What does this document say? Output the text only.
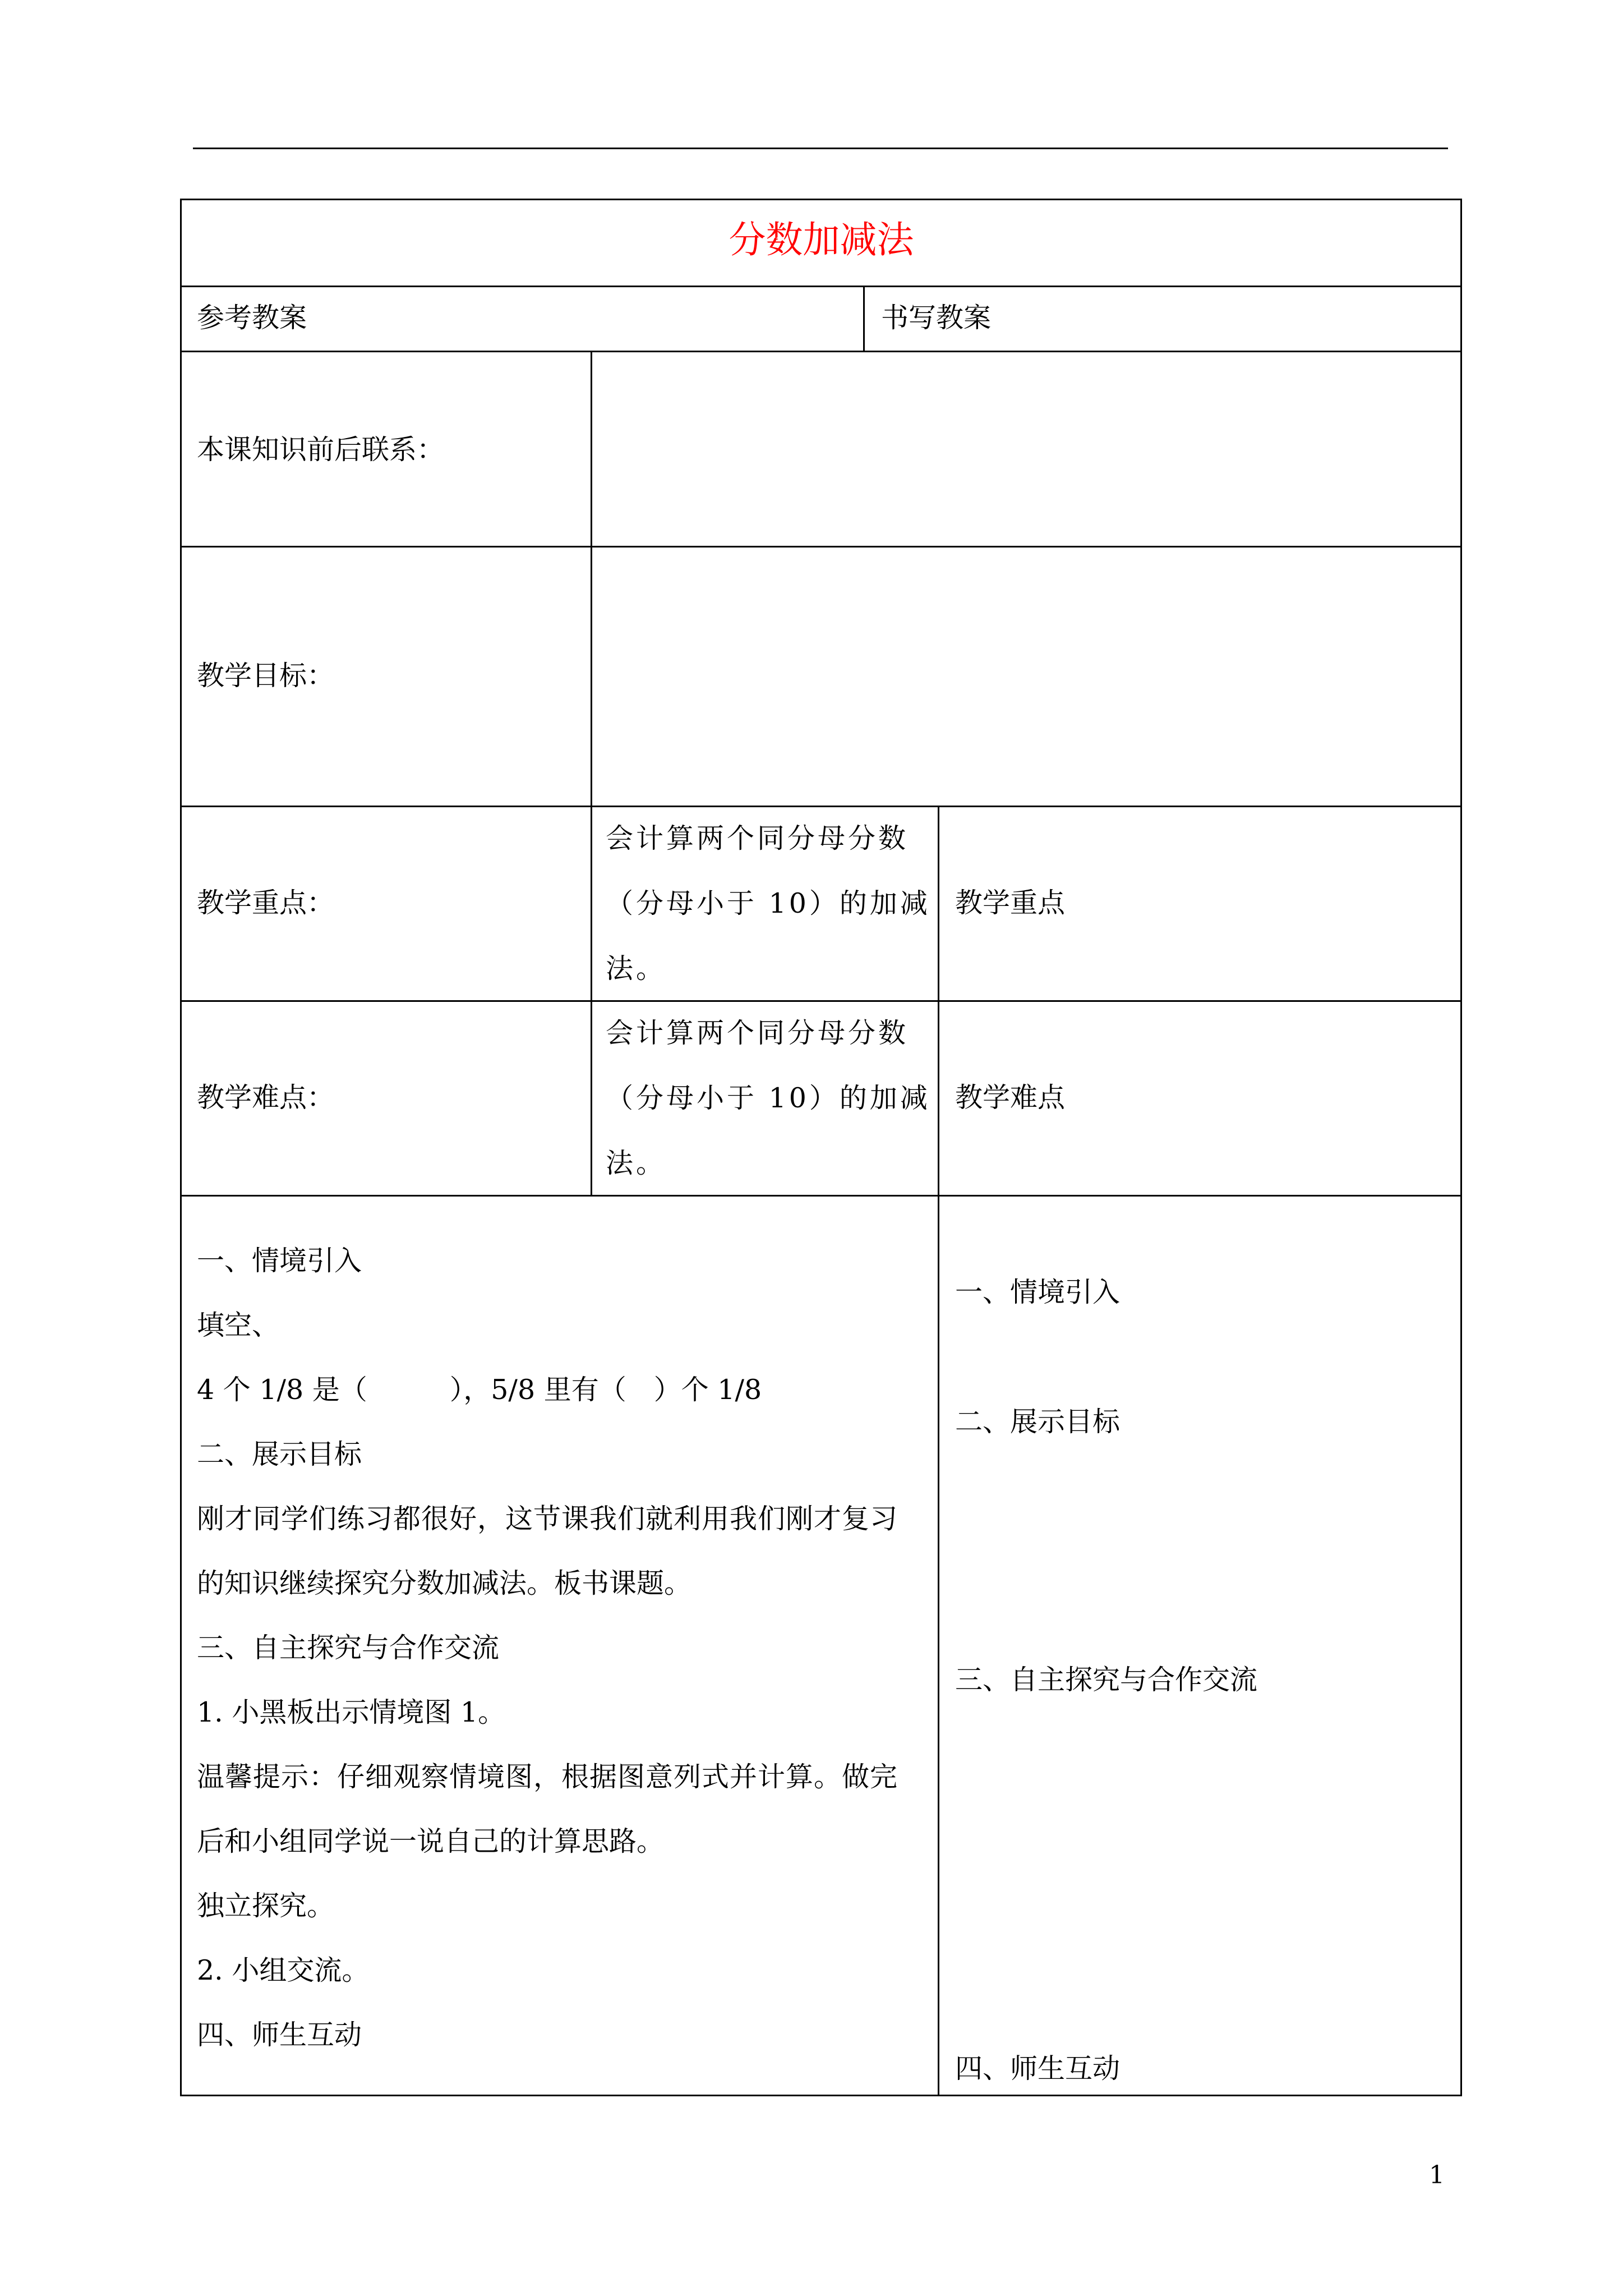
分数加减法
参考教案	书写教案
本课知识前后联系：
教学目标：
教学重点：
会计算两个同分母分数
（分母小于 10）的加减
法。
教学重点
教学难点：
会计算两个同分母分数
（分母小于 10）的加减
法。
教学难点
一、情境引入
填空、
4 个 1/8 是（　　　），5/8 里有（　）个 1/8
二、展示目标
刚才同学们练习都很好，这节课我们就利用我们刚才复习
的知识继续探究分数加减法。板书课题。
三、自主探究与合作交流
1. 小黑板出示情境图 1。
温馨提示：仔细观察情境图，根据图意列式并计算。做完
后和小组同学说一说自己的计算思路。
独立探究。
2. 小组交流。
四、师生互动
一、情境引入
二、展示目标
三、自主探究与合作交流
四、师生互动
1
